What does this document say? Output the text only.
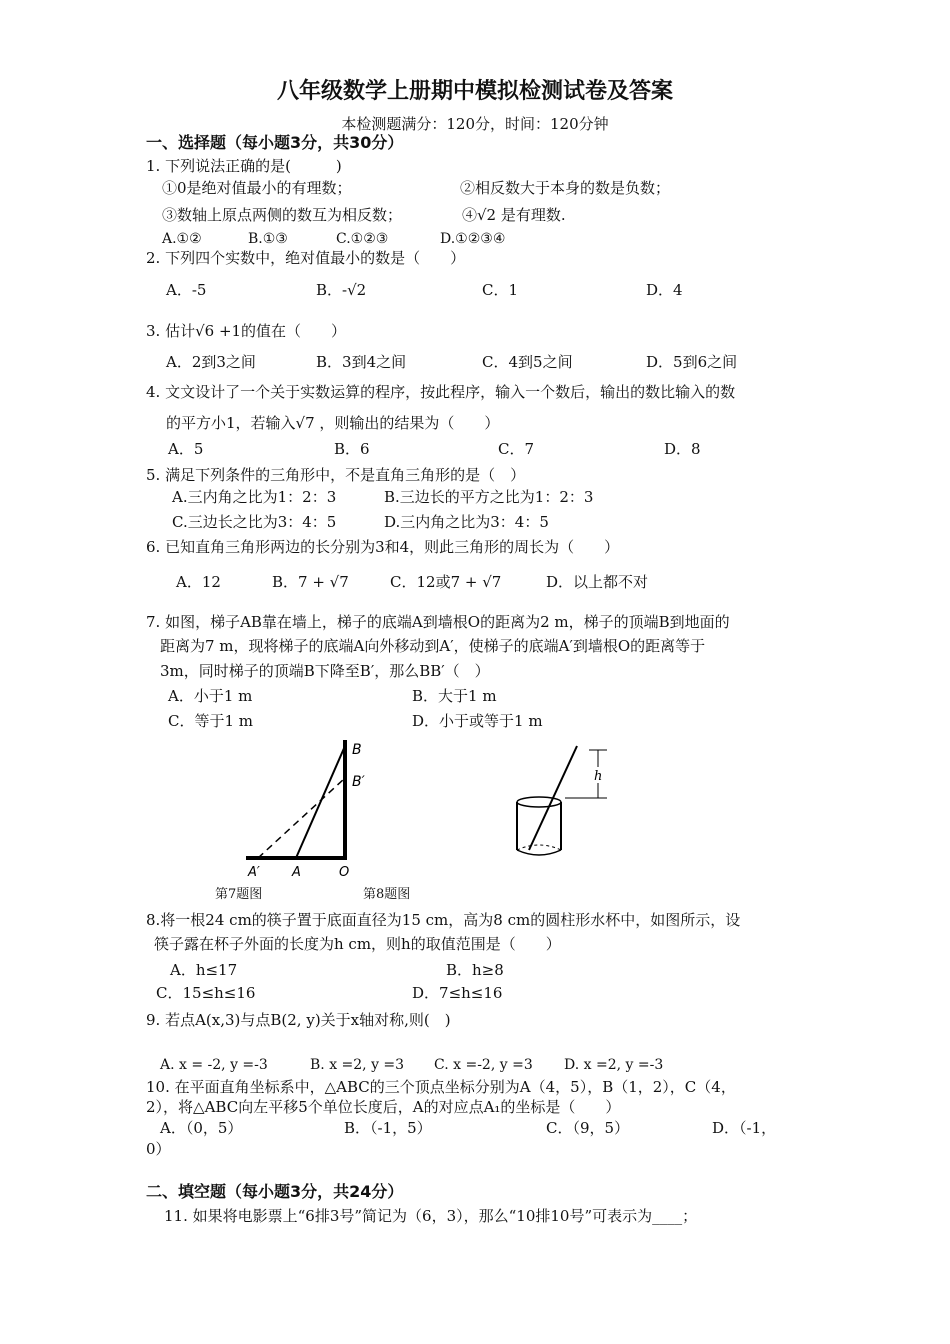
八年级数学上册期中模拟检测试卷及答案
本检测题满分：120分，时间：120分钟
一、选择题（每小题3分，共30分）
1. 下列说法正确的是(　　　)
①0是绝对值最小的有理数；	②相反数大于本身的数是负数；
③数轴上原点两侧的数互为相反数；	④√2 是有理数.
A.①②	B.①③	C.①②③	D.①②③④
2. 下列四个实数中，绝对值最小的数是（　　）
A．-5	B．-√2	C．1	D．4
3. 估计√6 +1的值在（　　）
A．2到3之间	B．3到4之间	C．4到5之间	D．5到6之间
4. 文文设计了一个关于实数运算的程序，按此程序，输入一个数后，输出的数比输入的数
的平方小1，若输入√7 ，则输出的结果为（　　）
A．5	B．6	C．7	D．8
5. 满足下列条件的三角形中，不是直角三角形的是（　）
A.三内角之比为1：2：3	B.三边长的平方之比为1：2：3
C.三边长之比为3：4：5	D.三内角之比为3：4：5
6. 已知直角三角形两边的长分别为3和4，则此三角形的周长为（　　）
A．12	B．7 + √7	C．12或7 + √7	D．以上都不对
7. 如图，梯子AB靠在墙上，梯子的底端A到墙根O的距离为2 m，梯子的顶端B到地面的
距离为7 m，现将梯子的底端A向外移动到A′，使梯子的底端A′到墙根O的距离等于
3m，同时梯子的顶端B下降至B′，那么BB′（　）
A．小于1 m	B．大于1 m
C．等于1 m	D．小于或等于1 m
B
B′
A′ A	O
第7题图
h
第8题图
8.将一根24 cm的筷子置于底面直径为15 cm，高为8 cm的圆柱形水杯中，如图所示，设
筷子露在杯子外面的长度为h cm，则h的取值范围是（　　）
A．h≤17	B．h≥8
C．15≤h≤16	D．7≤h≤16
9. 若点A(x,3)与点B(2, y)关于x轴对称,则(　)
A. x = -2, y =-3	B. x =2, y =3 C. x =-2, y =3 D. x =2, y =-3
10. 在平面直角坐标系中，△ABC的三个顶点坐标分别为A（4，5），B（1，2），C（4，
2），将△ABC向左平移5个单位长度后，A的对应点A₁的坐标是（　　）
A．（0，5）	B．（-1，5）	C．（9，5）	D．（-1，
0）
二、填空题（每小题3分，共24分）
11. 如果将电影票上“6排3号”简记为（6，3），那么“10排10号”可表示为____；
